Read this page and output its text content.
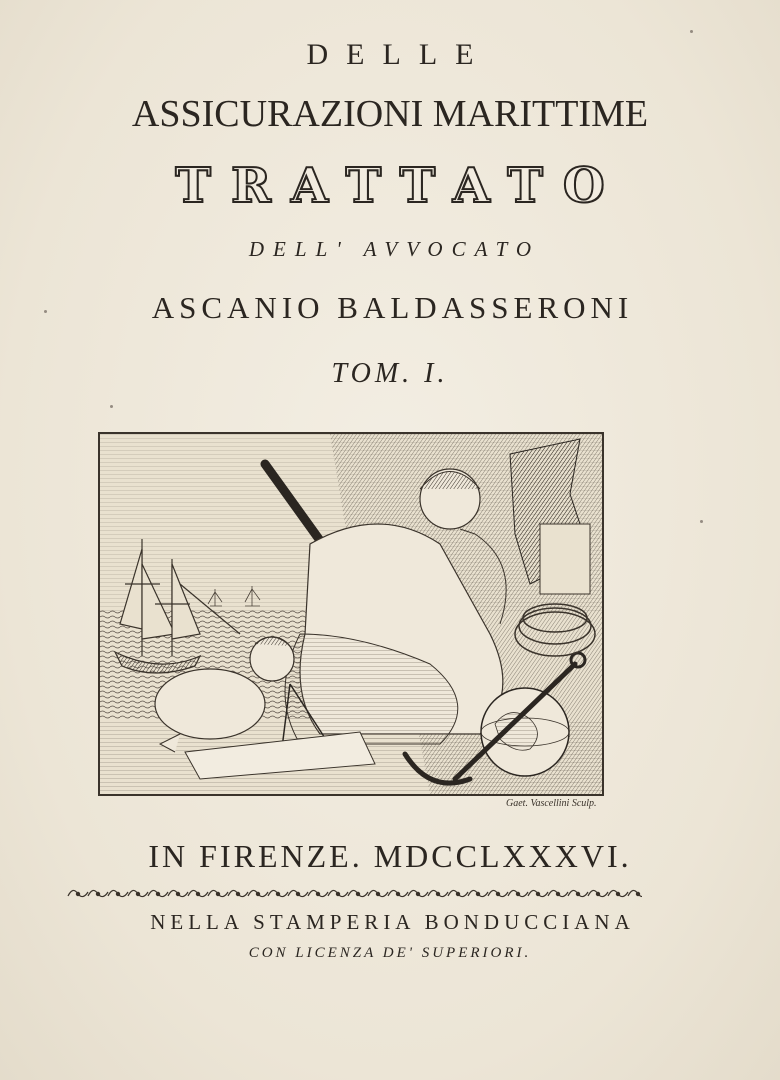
DELLE
ASSICURAZIONI MARITTIME
TRATTATO
DELL' AVVOCATO
ASCANIO BALDASSERONI
TOM. I.
Gaet. Vascellini Sculp.
IN FIRENZE. MDCCLXXXVI.
NELLA STAMPERIA BONDUCCIANA
CON LICENZA DE' SUPERIORI.
